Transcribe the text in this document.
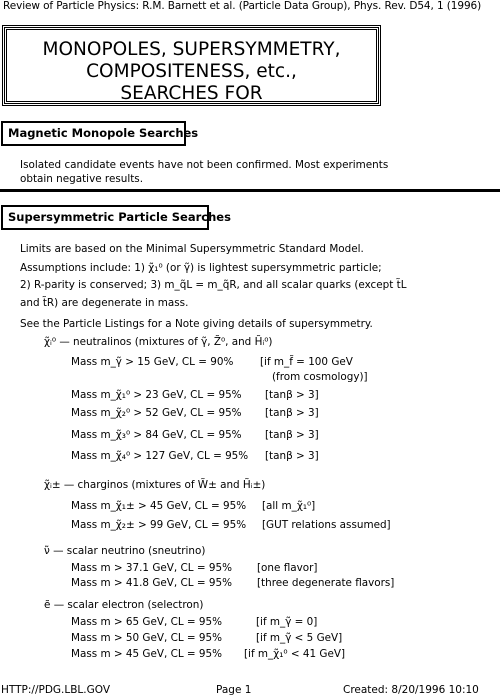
Review of Particle Physics: R.M. Barnett et al. (Particle Data Group), Phys. Rev. D54, 1 (1996)
MONOPOLES, SUPERSYMMETRY,
COMPOSITENESS, etc.,
SEARCHES FOR
Magnetic Monopole Searches
Isolated candidate events have not been confirmed. Most experiments
obtain negative results.
Supersymmetric Particle Searches
Limits are based on the Minimal Supersymmetric Standard Model.
Assumptions include: 1) χ̃₁⁰ (or γ̃) is lightest supersymmetric particle;
2) R-parity is conserved; 3) m_q̃L = m_q̃R, and all scalar quarks (except t̃L
and t̃R) are degenerate in mass.
See the Particle Listings for a Note giving details of supersymmetry.
χ̃ᵢ⁰ — neutralinos (mixtures of γ̃, Z̃⁰, and H̃ᵢ⁰)
Mass m_γ̃ > 15 GeV, CL = 90%	[if m_f̃ = 100 GeV
(from cosmology)]
Mass m_χ̃₁⁰ > 23 GeV, CL = 95% [tanβ > 3]
Mass m_χ̃₂⁰ > 52 GeV, CL = 95% [tanβ > 3]
Mass m_χ̃₃⁰ > 84 GeV, CL = 95% [tanβ > 3]
Mass m_χ̃₄⁰ > 127 GeV, CL = 95% [tanβ > 3]
χ̃ᵢ± — charginos (mixtures of W̃± and H̃ᵢ±)
Mass m_χ̃₁± > 45 GeV, CL = 95% [all m_χ̃₁⁰]
Mass m_χ̃₂± > 99 GeV, CL = 95% [GUT relations assumed]
ν̃ — scalar neutrino (sneutrino)
Mass m > 37.1 GeV, CL = 95% [one flavor]
Mass m > 41.8 GeV, CL = 95% [three degenerate flavors]
ẽ — scalar electron (selectron)
Mass m > 65 GeV, CL = 95%	[if m_γ̃ = 0]
Mass m > 50 GeV, CL = 95%	[if m_γ̃ < 5 GeV]
Mass m > 45 GeV, CL = 95% [if m_χ̃₁⁰ < 41 GeV]
HTTP://PDG.LBL.GOV	Page 1	Created: 8/20/1996 10:10
